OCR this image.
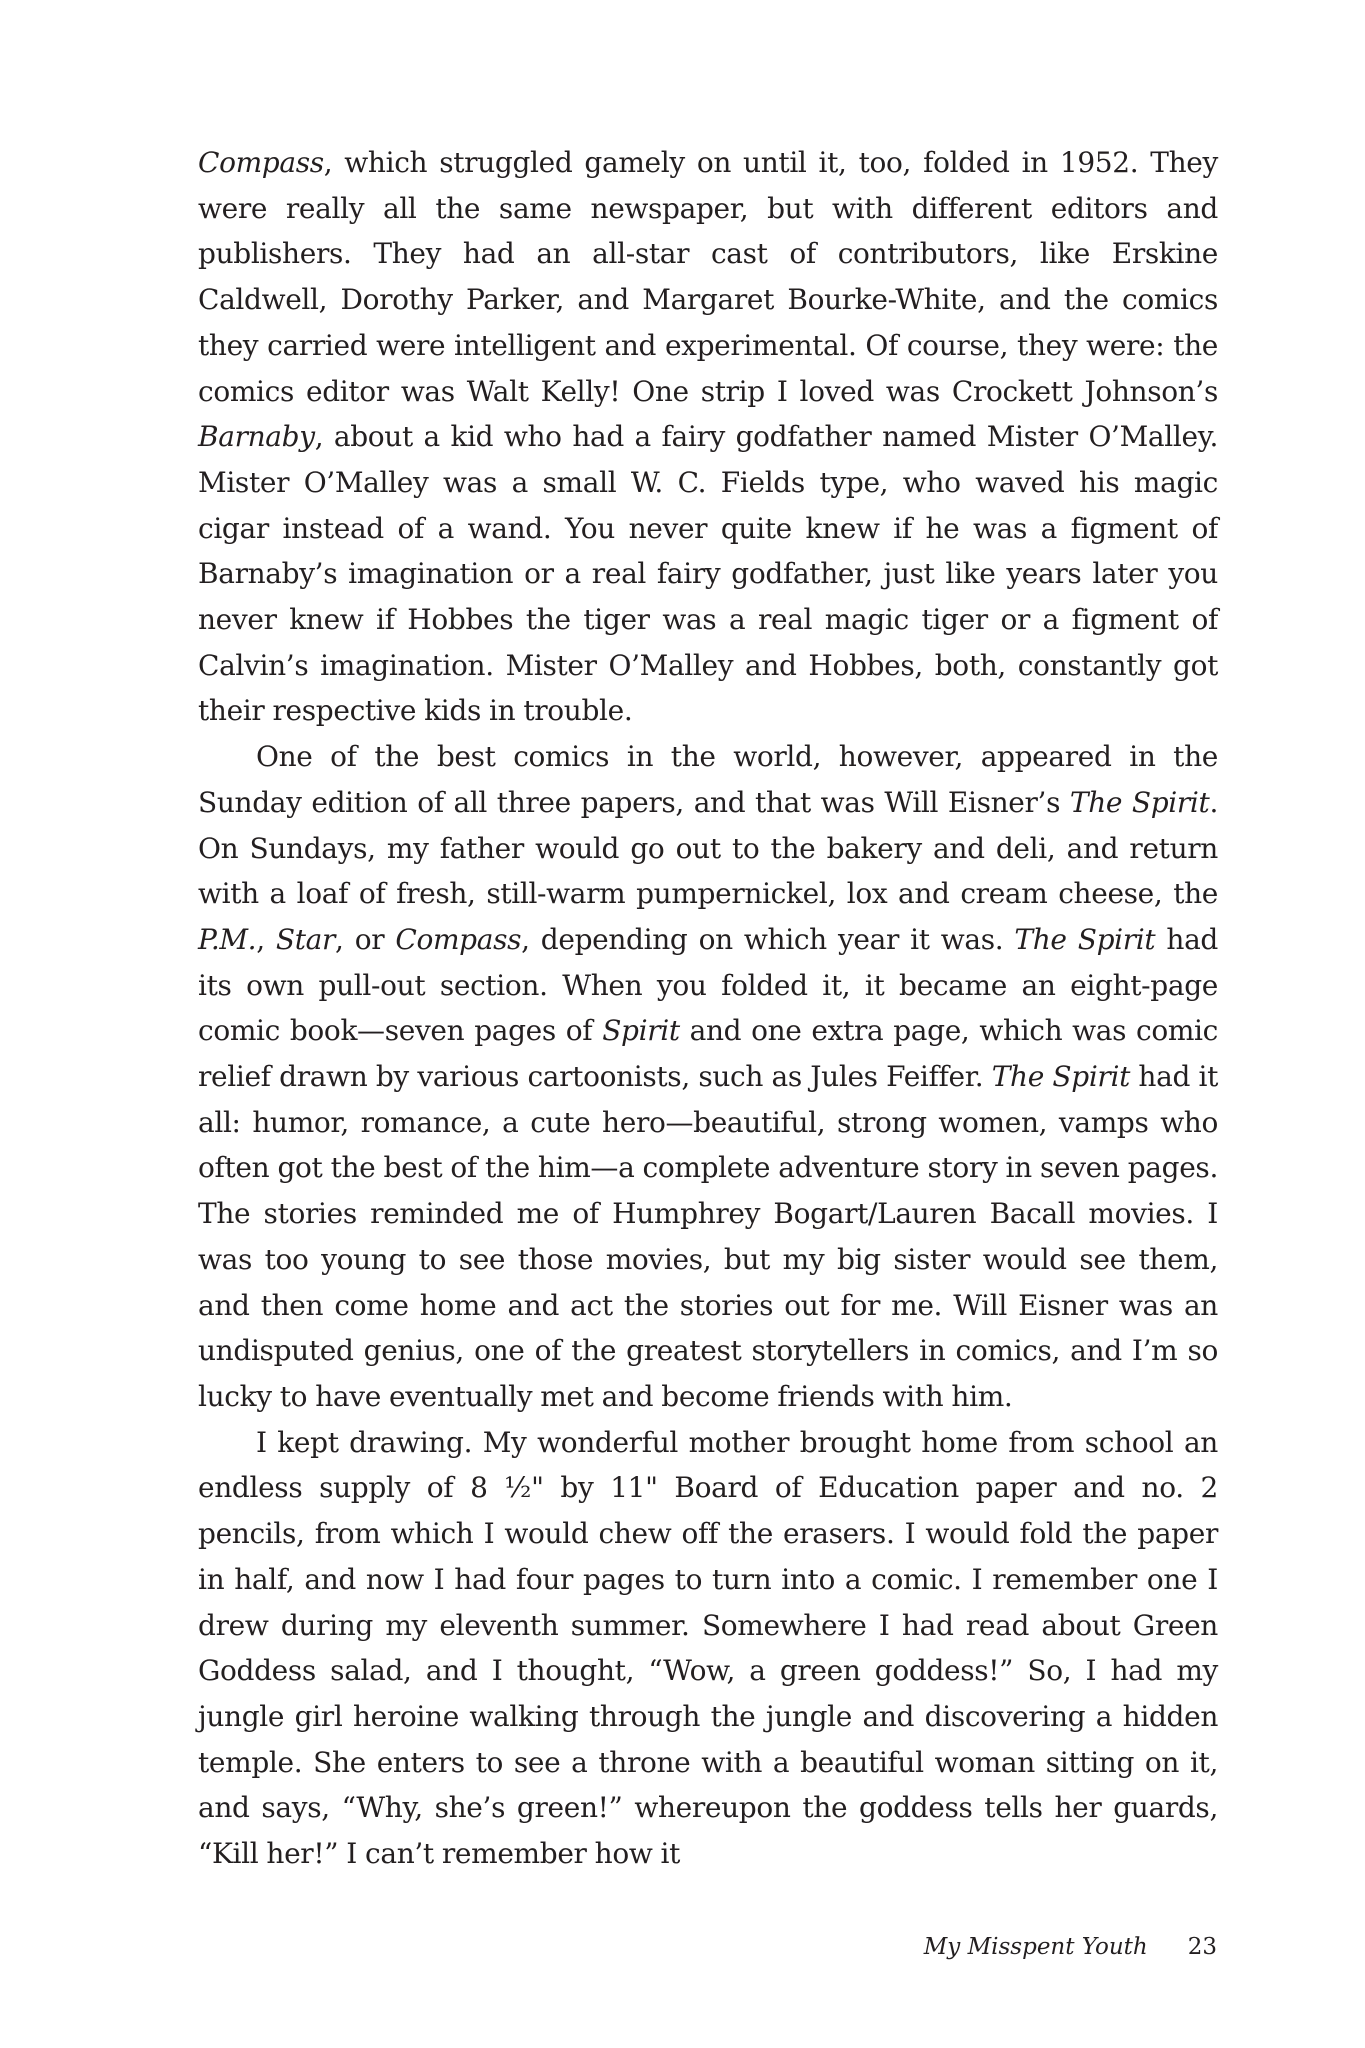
Compass, which struggled gamely on until it, too, folded in 1952. They were really all the same newspaper, but with different editors and publishers. They had an all-star cast of contributors, like Erskine Caldwell, Dorothy Parker, and Margaret Bourke-White, and the comics they carried were intelligent and experimental. Of course, they were: the comics editor was Walt Kelly! One strip I loved was Crockett Johnson’s Barnaby, about a kid who had a fairy godfather named Mister O’Malley. Mister O’Malley was a small W. C. Fields type, who waved his magic cigar instead of a wand. You never quite knew if he was a figment of Barnaby’s imagination or a real fairy godfather, just like years later you never knew if Hobbes the tiger was a real magic tiger or a figment of Calvin’s imagination. Mister O’Malley and Hobbes, both, constantly got their respective kids in trouble.

One of the best comics in the world, however, appeared in the Sunday edition of all three papers, and that was Will Eisner’s The Spirit. On Sundays, my father would go out to the bakery and deli, and return with a loaf of fresh, still-warm pumpernickel, lox and cream cheese, the P.M., Star, or Compass, depending on which year it was. The Spirit had its own pull-out section. When you folded it, it became an eight-page comic book—seven pages of Spirit and one extra page, which was comic relief drawn by various cartoonists, such as Jules Feiffer. The Spirit had it all: humor, romance, a cute hero—beautiful, strong women, vamps who often got the best of the him—a complete adventure story in seven pages. The stories reminded me of Humphrey Bogart/Lauren Bacall movies. I was too young to see those movies, but my big sister would see them, and then come home and act the stories out for me. Will Eisner was an undisputed genius, one of the greatest storytellers in comics, and I’m so lucky to have eventually met and become friends with him.

I kept drawing. My wonderful mother brought home from school an endless supply of 8 ½" by 11" Board of Education paper and no. 2 pencils, from which I would chew off the erasers. I would fold the paper in half, and now I had four pages to turn into a comic. I remember one I drew during my eleventh summer. Somewhere I had read about Green Goddess salad, and I thought, “Wow, a green goddess!” So, I had my jungle girl heroine walking through the jungle and discovering a hidden temple. She enters to see a throne with a beautiful woman sitting on it, and says, “Why, she’s green!” whereupon the goddess tells her guards, “Kill her!” I can’t remember how it

My Misspent Youth 23
